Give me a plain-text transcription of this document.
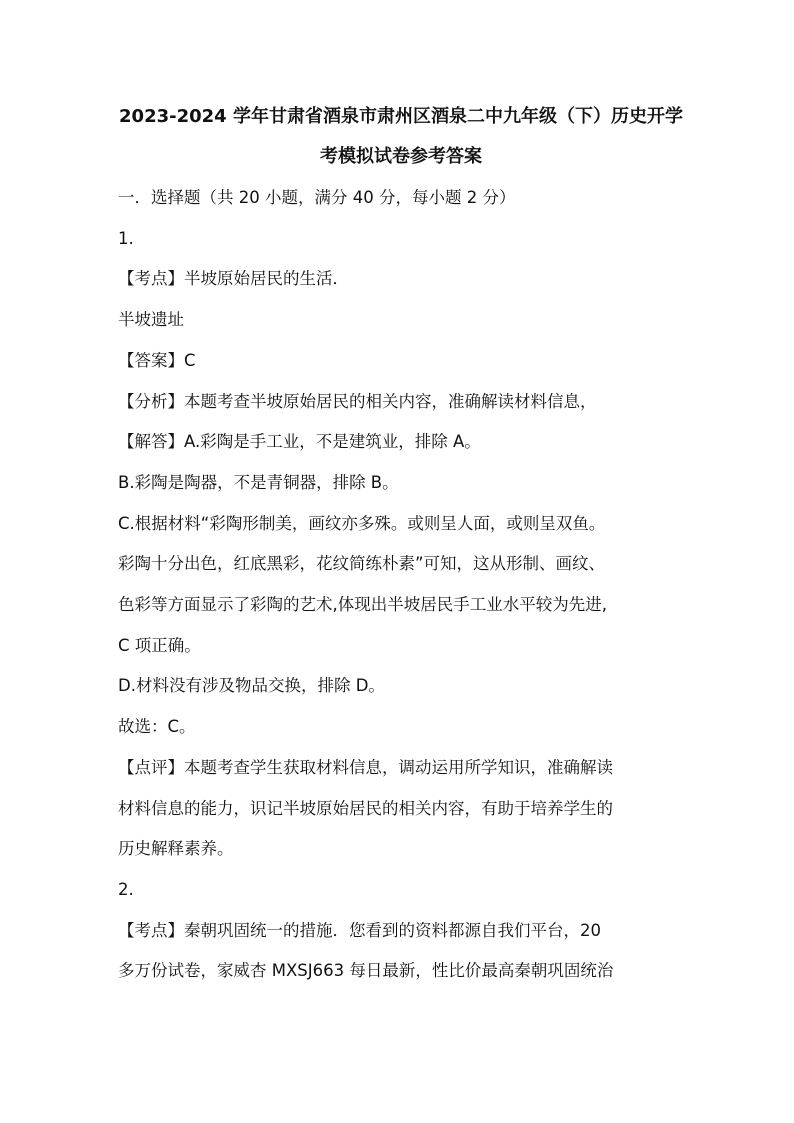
2023-2024 学年甘肃省酒泉市肃州区酒泉二中九年级（下）历史开学
考模拟试卷参考答案

一．选择题（共 20 小题，满分 40 分，每小题 2 分）

1.

【考点】半坡原始居民的生活．

半坡遗址

【答案】C

【分析】本题考查半坡原始居民的相关内容，准确解读材料信息，

【解答】A.彩陶是手工业，不是建筑业，排除 A。

B.彩陶是陶器，不是青铜器，排除 B。

C.根据材料“彩陶形制美，画纹亦多殊。或则呈人面，或则呈双鱼。

彩陶十分出色，红底黑彩，花纹简练朴素”可知，这从形制、画纹、

色彩等方面显示了彩陶的艺术,体现出半坡居民手工业水平较为先进,

C 项正确。

D.材料没有涉及物品交换，排除 D。

故选：C。

【点评】本题考查学生获取材料信息，调动运用所学知识，准确解读

材料信息的能力，识记半坡原始居民的相关内容，有助于培养学生的

历史解释素养。

2.

【考点】秦朝巩固统一的措施．您看到的资料都源自我们平台，20

多万份试卷，家威杏 MXSJ663 每日最新，性比价最高秦朝巩固统治
